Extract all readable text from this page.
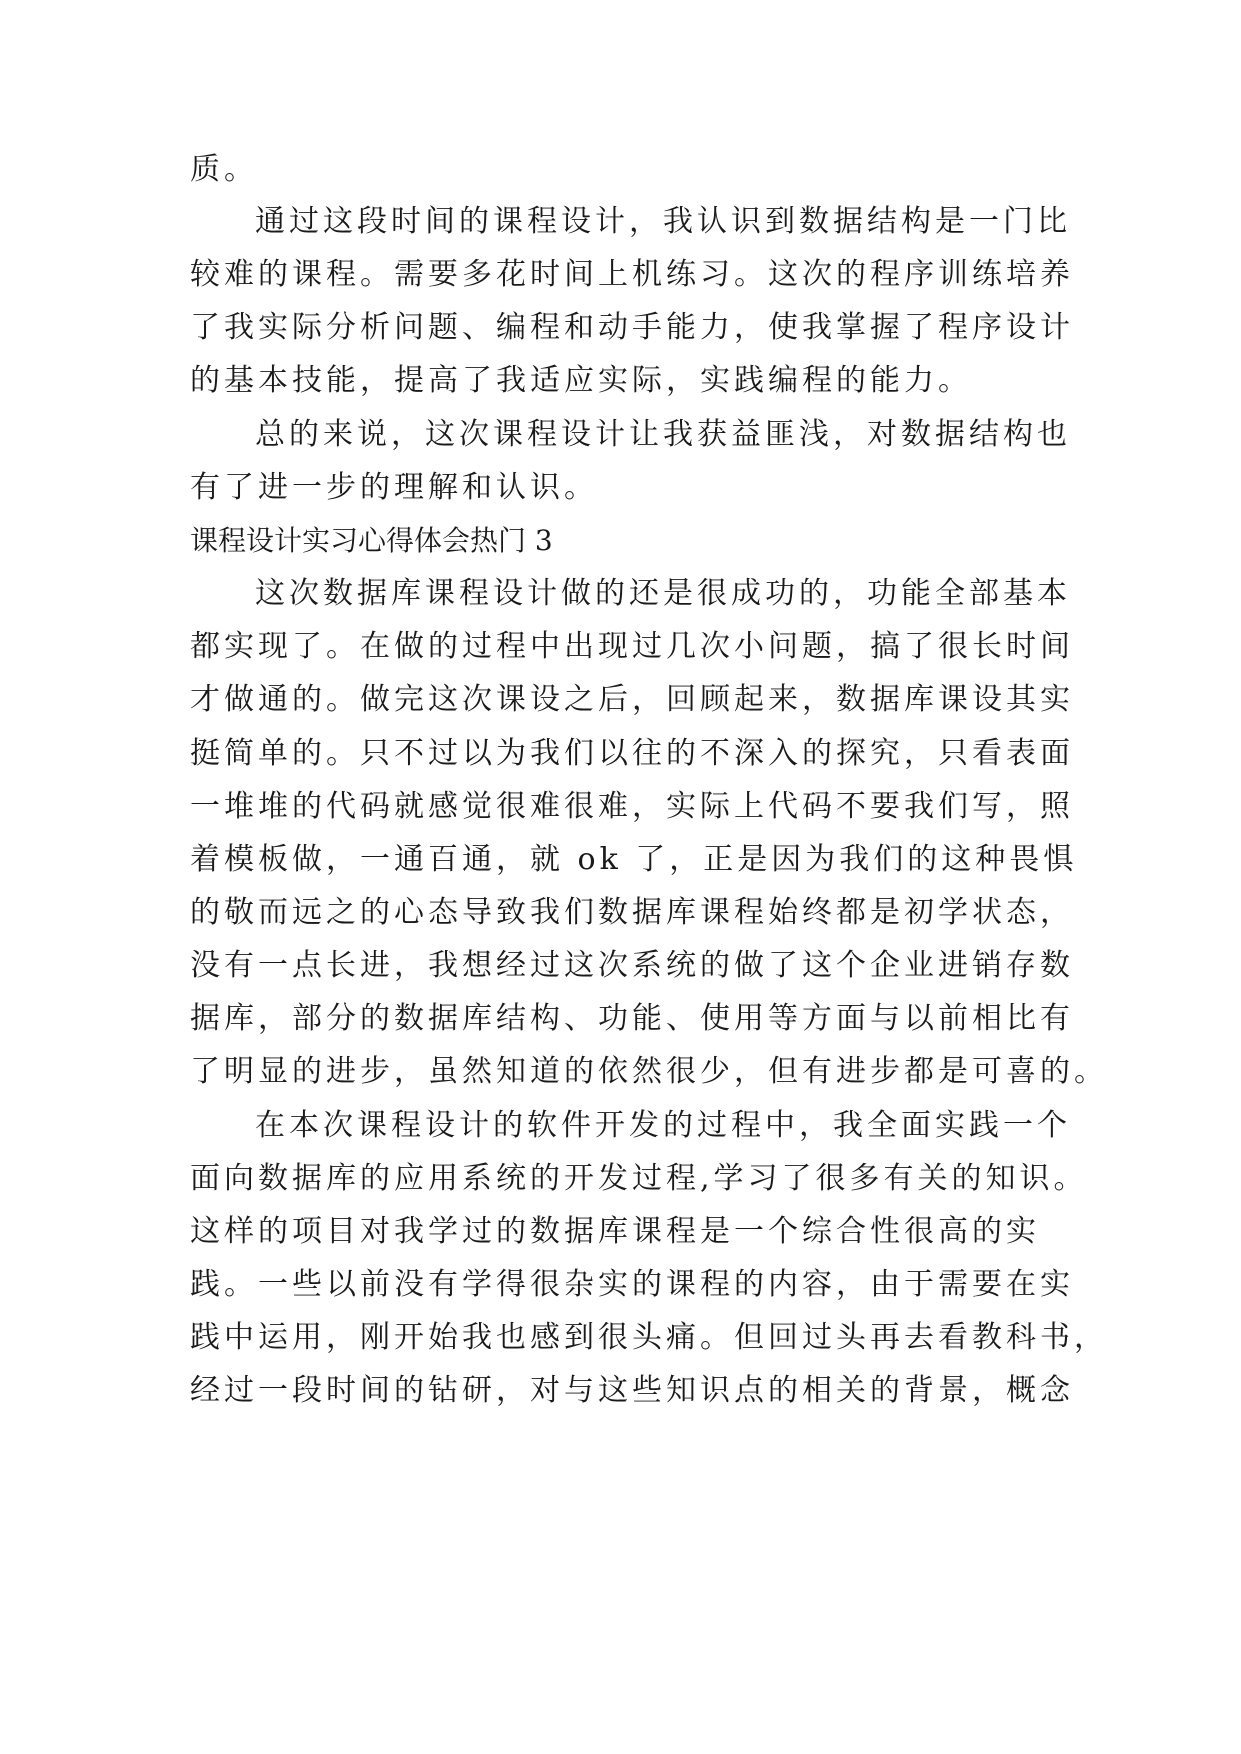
质。
通过这段时间的课程设计，我认识到数据结构是一门比
较难的课程。需要多花时间上机练习。这次的程序训练培养
了我实际分析问题、编程和动手能力，使我掌握了程序设计
的基本技能，提高了我适应实际，实践编程的能力。
总的来说，这次课程设计让我获益匪浅，对数据结构也
有了进一步的理解和认识。
课程设计实习心得体会热门 3
这次数据库课程设计做的还是很成功的，功能全部基本
都实现了。在做的过程中出现过几次小问题，搞了很长时间
才做通的。做完这次课设之后，回顾起来，数据库课设其实
挺简单的。只不过以为我们以往的不深入的探究，只看表面
一堆堆的代码就感觉很难很难，实际上代码不要我们写，照
着模板做，一通百通，就 ok 了，正是因为我们的这种畏惧
的敬而远之的心态导致我们数据库课程始终都是初学状态，
没有一点长进，我想经过这次系统的做了这个企业进销存数
据库，部分的数据库结构、功能、使用等方面与以前相比有
了明显的进步，虽然知道的依然很少，但有进步都是可喜的。
在本次课程设计的软件开发的过程中，我全面实践一个
面向数据库的应用系统的开发过程,学习了很多有关的知识。
这样的项目对我学过的数据库课程是一个综合性很高的实
践。一些以前没有学得很杂实的课程的内容，由于需要在实
践中运用，刚开始我也感到很头痛。但回过头再去看教科书，
经过一段时间的钻研，对与这些知识点的相关的背景，概念
